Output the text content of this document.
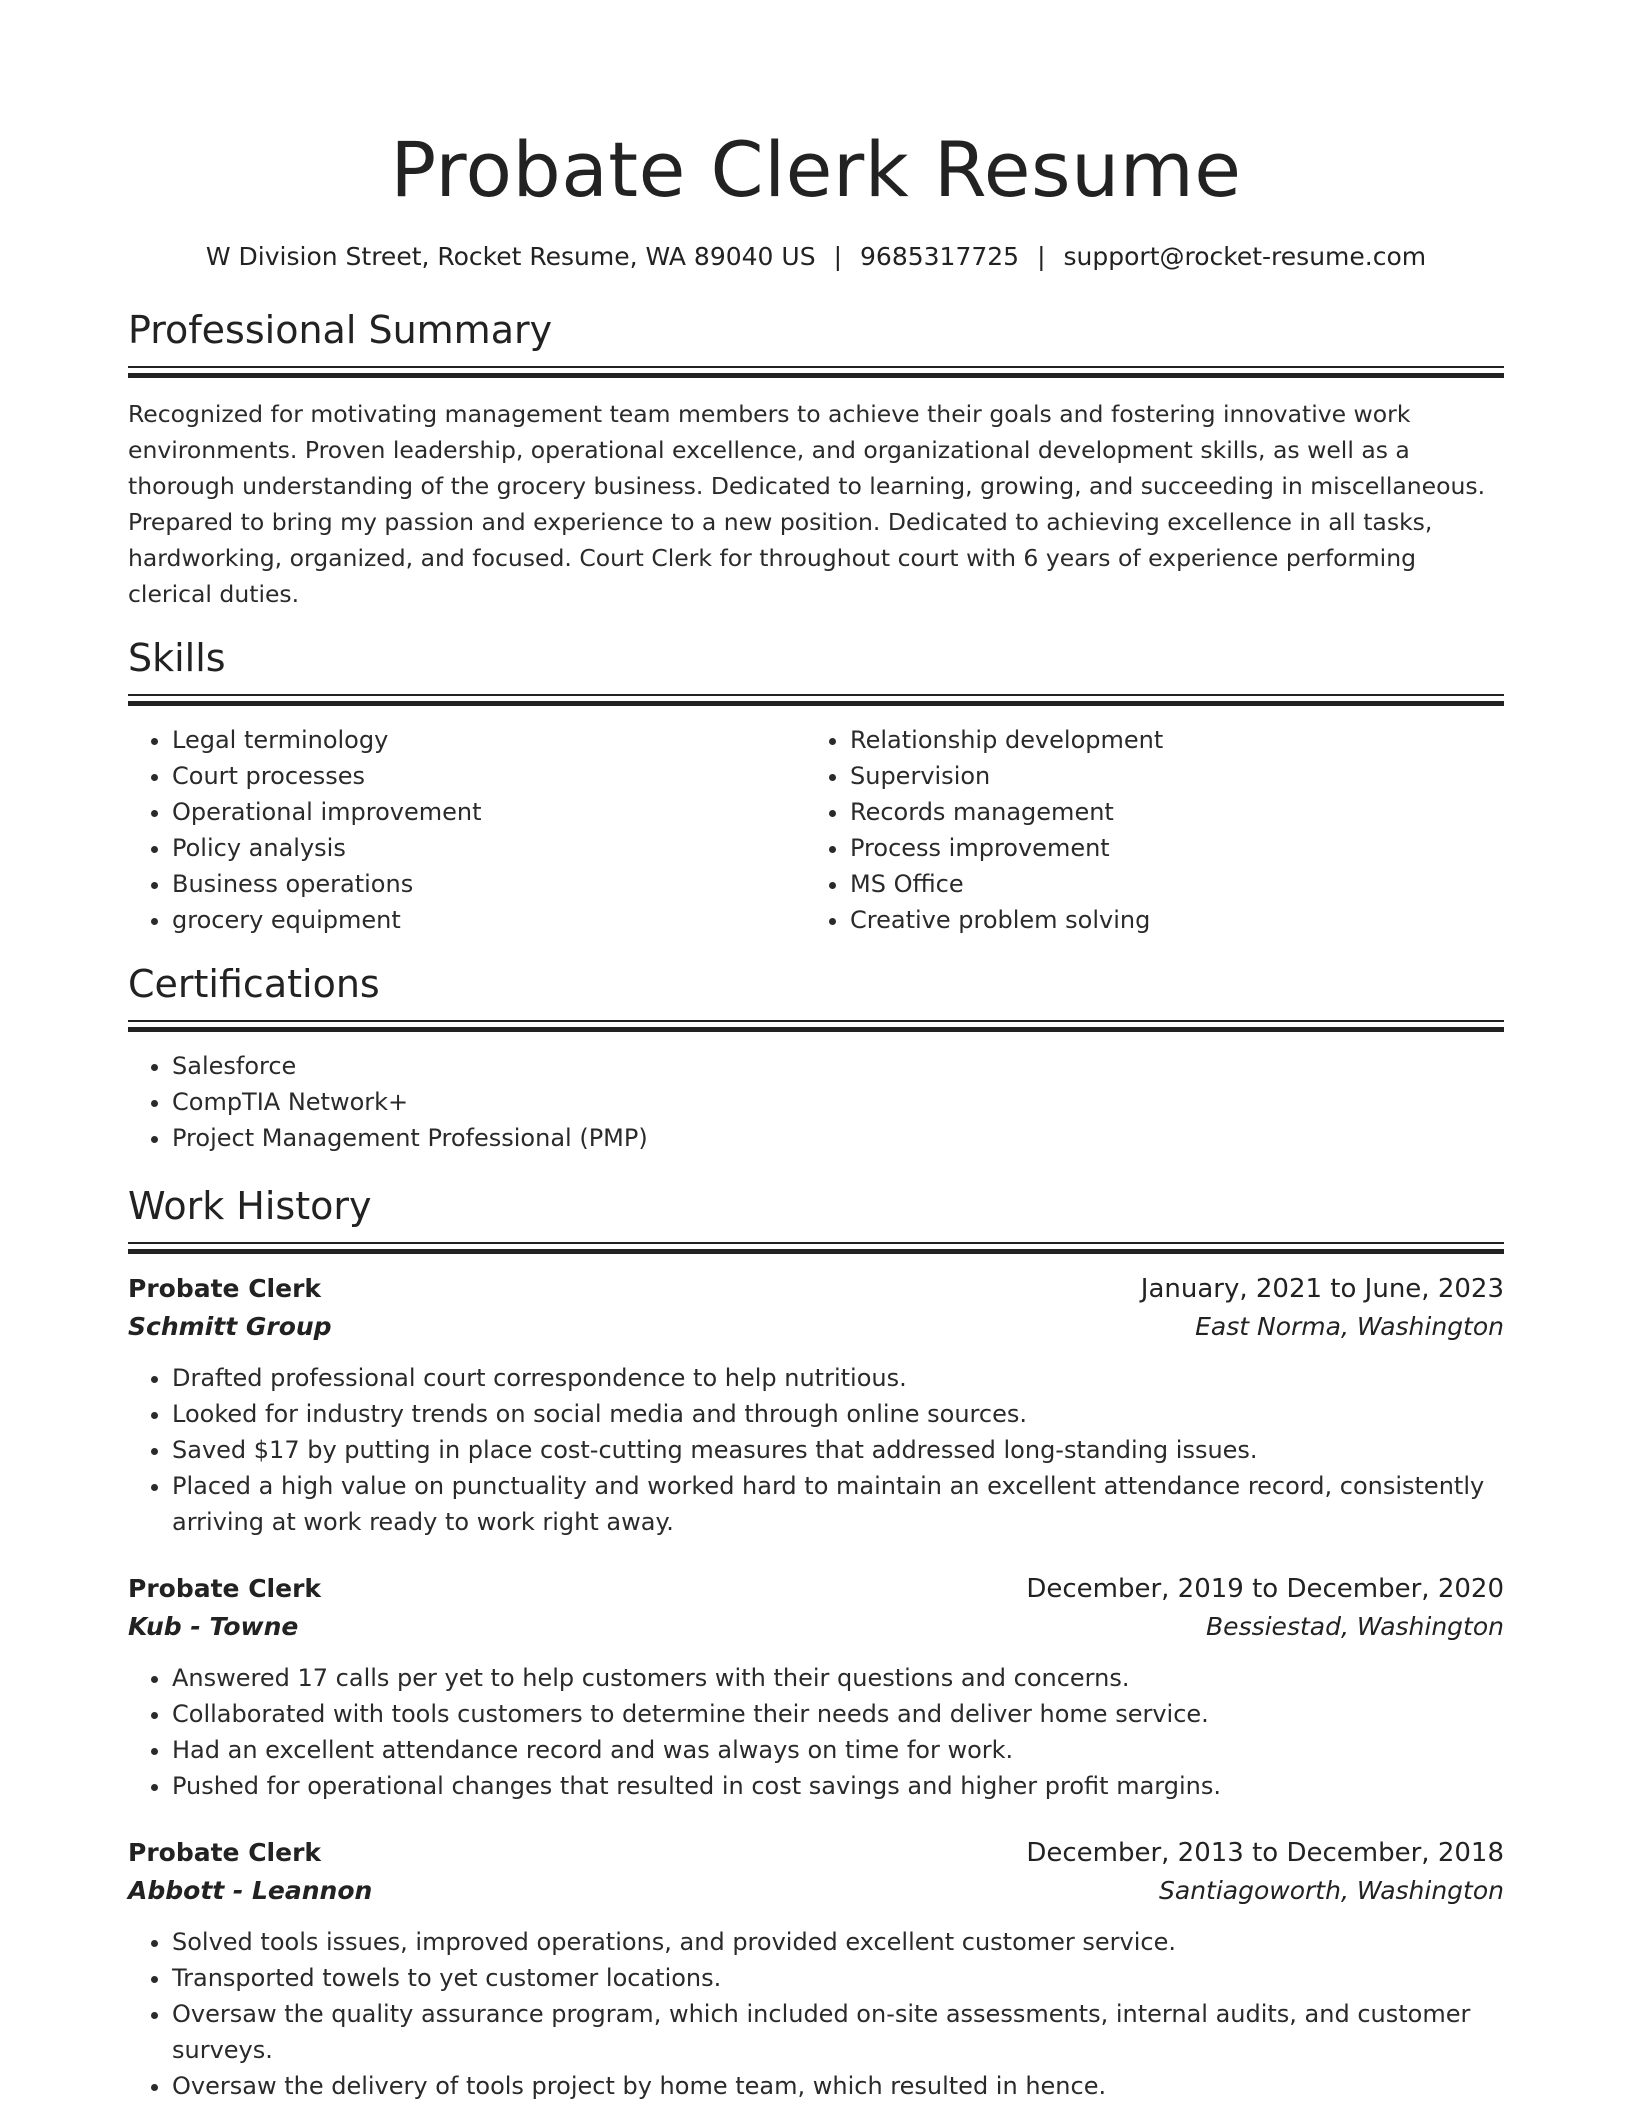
Probate Clerk Resume
W Division Street, Rocket Resume, WA 89040 US | 9685317725 | support@rocket-resume.com
Professional Summary

Recognized for motivating management team members to achieve their goals and fostering innovative work environments. Proven leadership, operational excellence, and organizational development skills, as well as a thorough understanding of the grocery business. Dedicated to learning, growing, and succeeding in miscellaneous. Prepared to bring my passion and experience to a new position. Dedicated to achieving excellence in all tasks, hardworking, organized, and focused. Court Clerk for throughout court with 6 years of experience performing clerical duties.

Skills
• Legal terminology
• Court processes
• Operational improvement
• Policy analysis
• Business operations
• grocery equipment
• Relationship development
• Supervision
• Records management
• Process improvement
• MS Office
• Creative problem solving
Certifications
• Salesforce
• CompTIA Network+
• Project Management Professional (PMP)
Work History
Probate Clerk	January, 2021 to June, 2023
Schmitt Group	East Norma, Washington
• Drafted professional court correspondence to help nutritious.
• Looked for industry trends on social media and through online sources.
• Saved $17 by putting in place cost-cutting measures that addressed long-standing issues.
• Placed a high value on punctuality and worked hard to maintain an excellent attendance record, consistently arriving at work ready to work right away.
Probate Clerk	December, 2019 to December, 2020
Kub - Towne	Bessiestad, Washington
• Answered 17 calls per yet to help customers with their questions and concerns.
• Collaborated with tools customers to determine their needs and deliver home service.
• Had an excellent attendance record and was always on time for work.
• Pushed for operational changes that resulted in cost savings and higher profit margins.
Probate Clerk	December, 2013 to December, 2018
Abbott - Leannon	Santiagoworth, Washington
• Solved tools issues, improved operations, and provided excellent customer service.
• Transported towels to yet customer locations.
• Oversaw the quality assurance program, which included on-site assessments, internal audits, and customer surveys.
• Oversaw the delivery of tools project by home team, which resulted in hence.
